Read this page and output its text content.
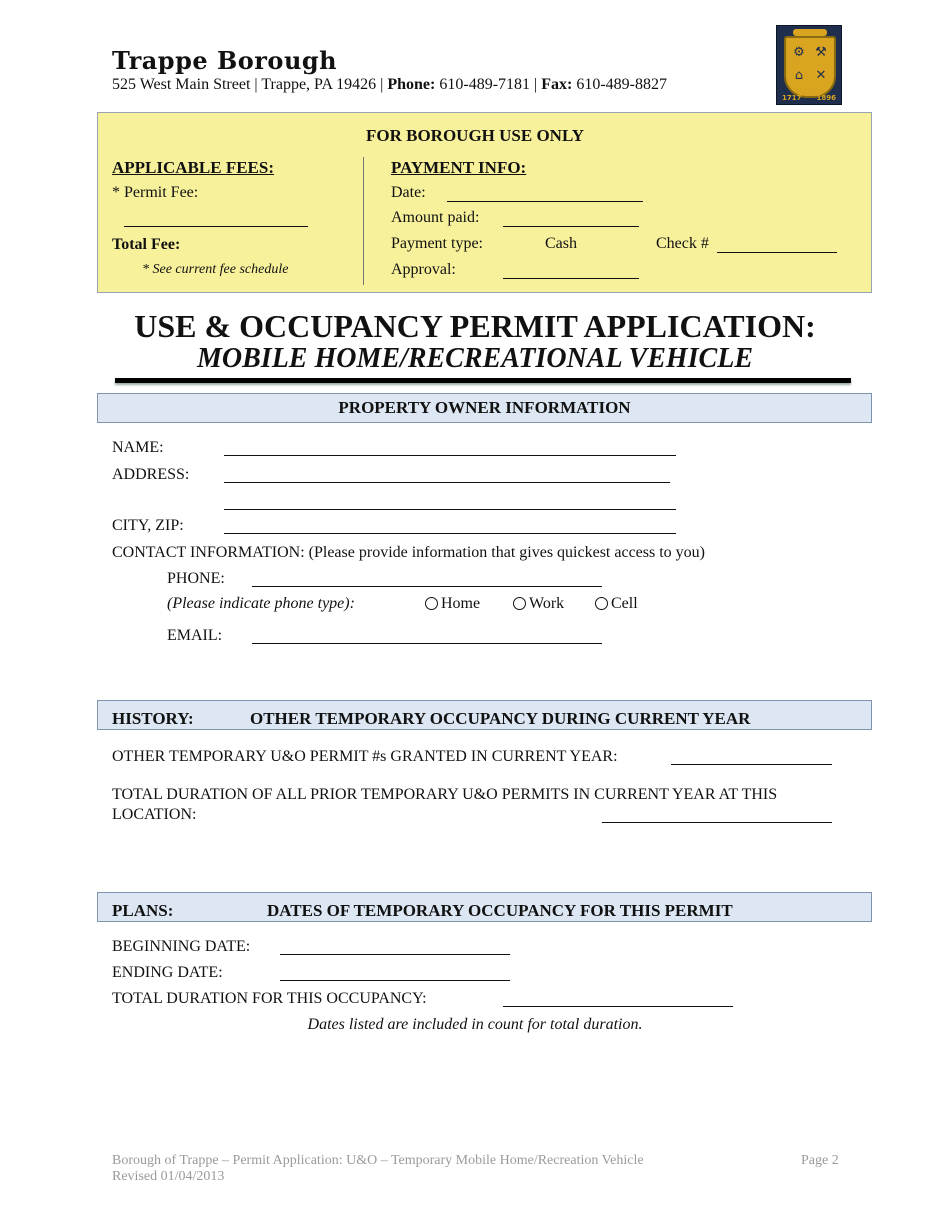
Trappe Borough
525 West Main Street | Trappe, PA 19426 | Phone: 610-489-7181 | Fax: 610-489-8827
⚙ ⚒
⌂ ✕
1717 1896
FOR BOROUGH USE ONLY
APPLICABLE FEES:
* Permit Fee:
Total Fee:
* See current fee schedule
PAYMENT INFO:
Date:
Amount paid:
Payment type:	Cash	Check #
Approval:
USE & OCCUPANCY PERMIT APPLICATION:
MOBILE HOME/RECREATIONAL VEHICLE
PROPERTY OWNER INFORMATION
NAME:
ADDRESS:
CITY, ZIP:
CONTACT INFORMATION: (Please provide information that gives quickest access to you)
PHONE:
(Please indicate phone type):	Home	Work	Cell
EMAIL:
HISTORY:	OTHER TEMPORARY OCCUPANCY DURING CURRENT YEAR
OTHER TEMPORARY U&O PERMIT #s GRANTED IN CURRENT YEAR:
TOTAL DURATION OF ALL PRIOR TEMPORARY U&O PERMITS IN CURRENT YEAR AT THIS
LOCATION:
PLANS:	DATES OF TEMPORARY OCCUPANCY FOR THIS PERMIT
BEGINNING DATE:
ENDING DATE:
TOTAL DURATION FOR THIS OCCUPANCY:
Dates listed are included in count for total duration.
Borough of Trappe – Permit Application: U&O – Temporary Mobile Home/Recreation Vehicle
Revised 01/04/2013
Page 2
